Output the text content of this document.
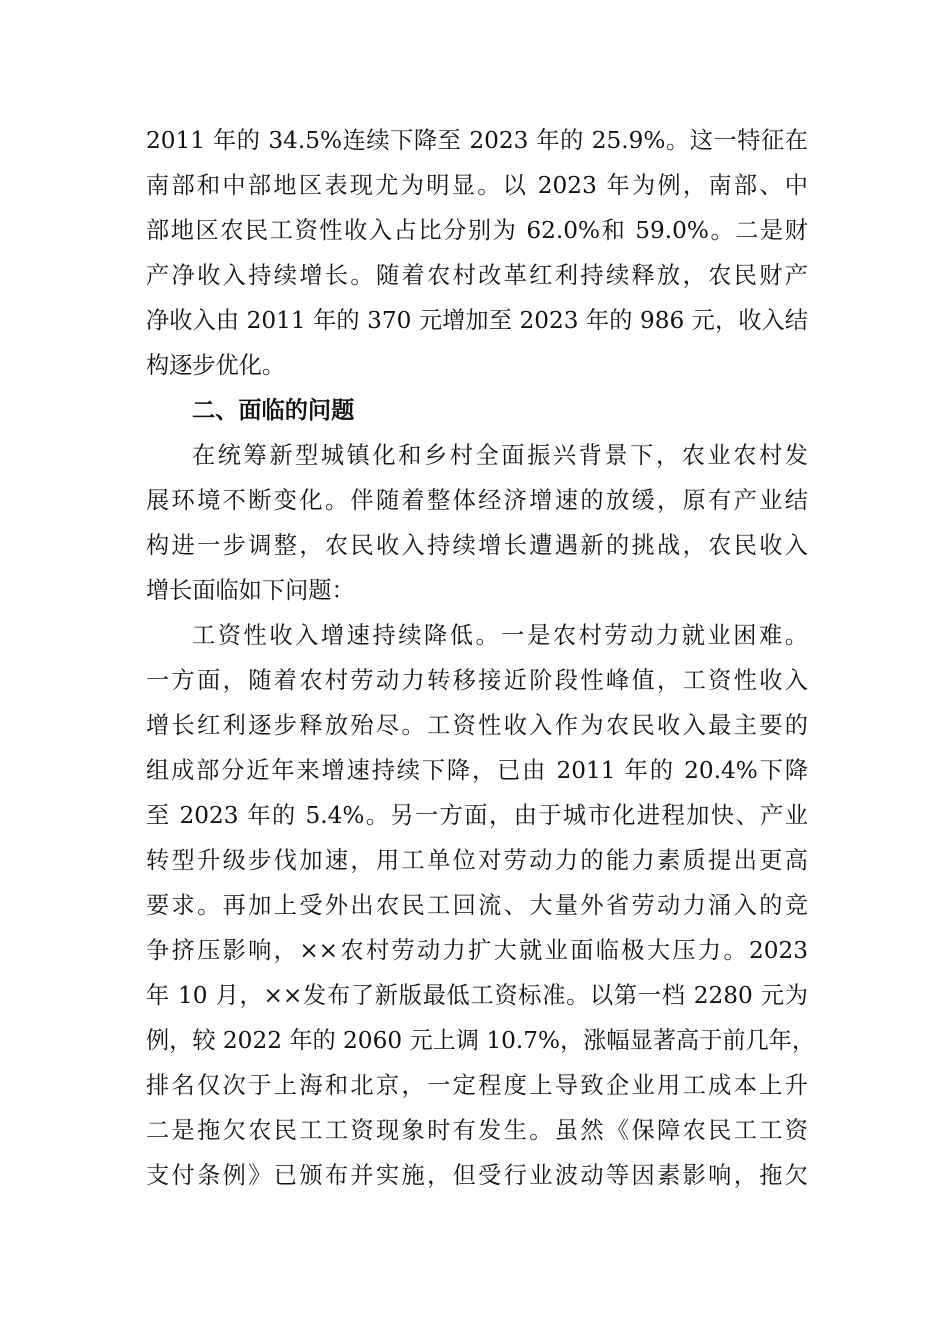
2011 年的 34.5%连续下降至 2023 年的 25.9%。这一特征在
南部和中部地区表现尤为明显。以 2023 年为例，南部、中
部地区农民工资性收入占比分别为 62.0%和 59.0%。二是财
产净收入持续增长。随着农村改革红利持续释放，农民财产
净收入由 2011 年的 370 元增加至 2023 年的 986 元，收入结
构逐步优化。
二、面临的问题
在统筹新型城镇化和乡村全面振兴背景下，农业农村发
展环境不断变化。伴随着整体经济增速的放缓，原有产业结
构进一步调整，农民收入持续增长遭遇新的挑战，农民收入
增长面临如下问题：
工资性收入增速持续降低。一是农村劳动力就业困难。
一方面，随着农村劳动力转移接近阶段性峰值，工资性收入
增长红利逐步释放殆尽。工资性收入作为农民收入最主要的
组成部分近年来增速持续下降，已由 2011 年的 20.4%下降
至 2023 年的 5.4%。另一方面，由于城市化进程加快、产业
转型升级步伐加速，用工单位对劳动力的能力素质提出更高
要求。再加上受外出农民工回流、大量外省劳动力涌入的竞
争挤压影响，××农村劳动力扩大就业面临极大压力。2023
年 10 月，××发布了新版最低工资标准。以第一档 2280 元为
例，较 2022 年的 2060 元上调 10.7%，涨幅显著高于前几年，
排名仅次于上海和北京，一定程度上导致企业用工成本上升
二是拖欠农民工工资现象时有发生。虽然《保障农民工工资
支付条例》已颁布并实施，但受行业波动等因素影响，拖欠
